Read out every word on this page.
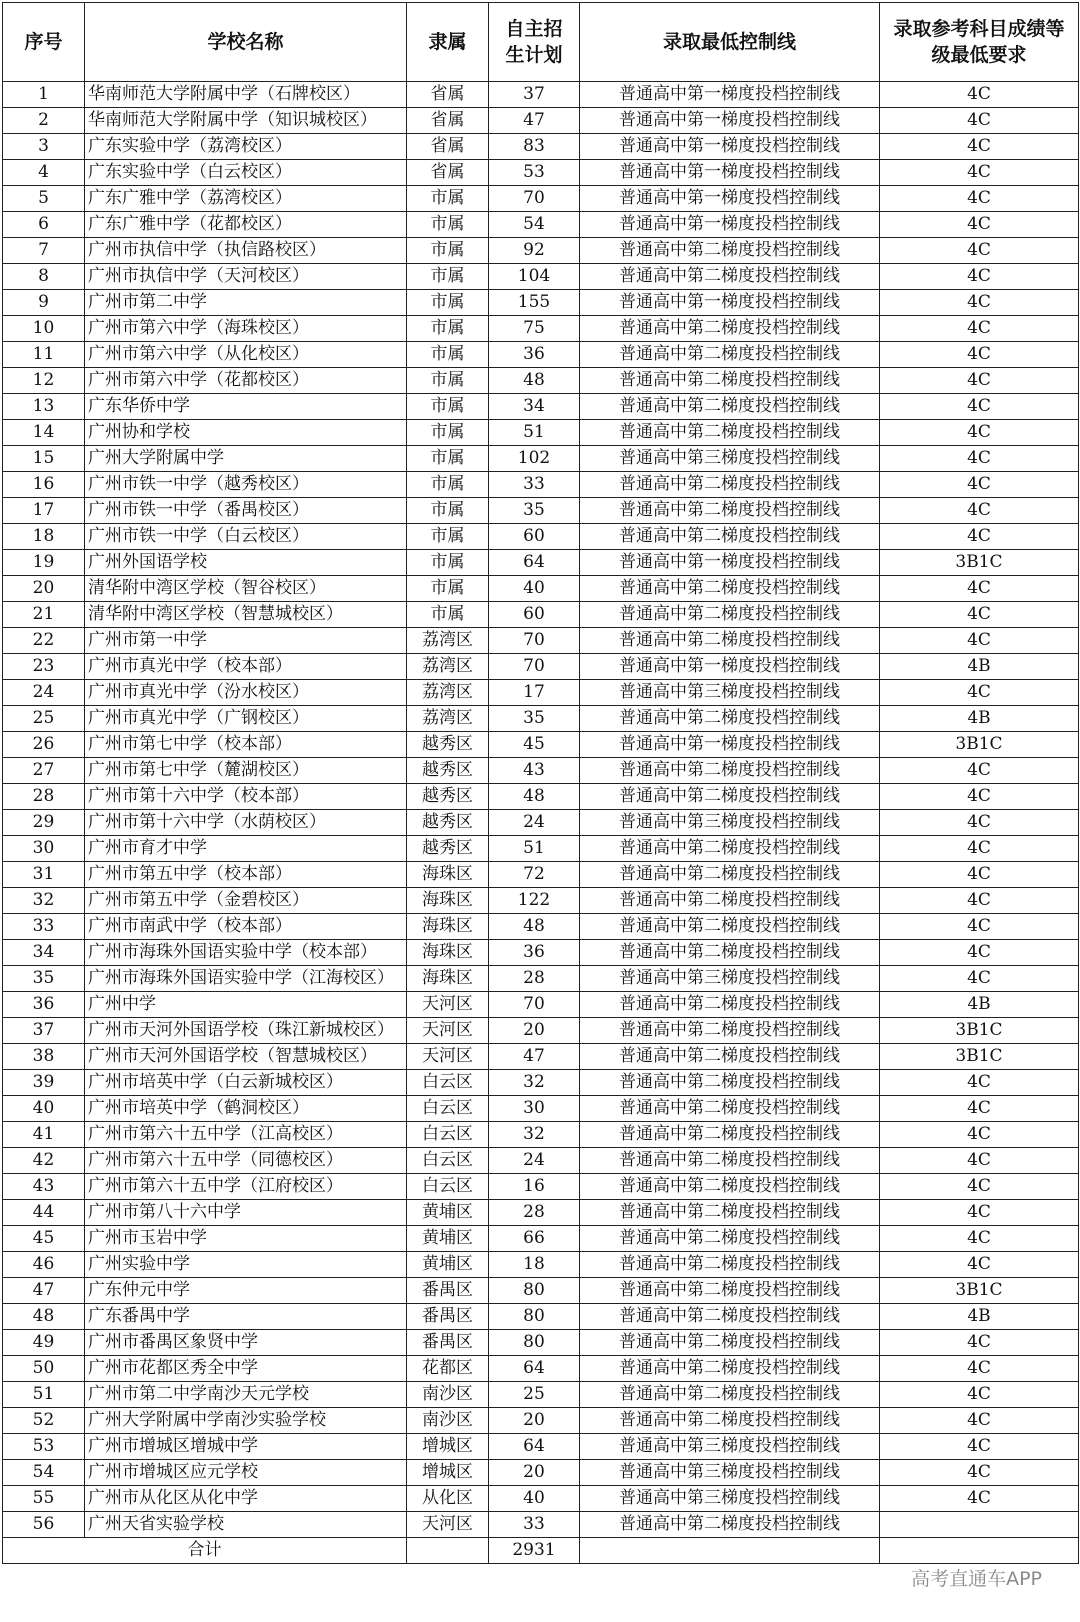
序号	学校名称	隶属	自主招生计划	录取最低控制线	录取参考科目成绩等级最低要求
1	华南师范大学附属中学（石牌校区）	省属	37	普通高中第一梯度投档控制线	4C
2	华南师范大学附属中学（知识城校区）	省属	47	普通高中第一梯度投档控制线	4C
3	广东实验中学（荔湾校区）	省属	83	普通高中第一梯度投档控制线	4C
4	广东实验中学（白云校区）	省属	53	普通高中第一梯度投档控制线	4C
5	广东广雅中学（荔湾校区）	市属	70	普通高中第一梯度投档控制线	4C
6	广东广雅中学（花都校区）	市属	54	普通高中第一梯度投档控制线	4C
7	广州市执信中学（执信路校区）	市属	92	普通高中第二梯度投档控制线	4C
8	广州市执信中学（天河校区）	市属	104	普通高中第二梯度投档控制线	4C
9	广州市第二中学	市属	155	普通高中第一梯度投档控制线	4C
10	广州市第六中学（海珠校区）	市属	75	普通高中第二梯度投档控制线	4C
11	广州市第六中学（从化校区）	市属	36	普通高中第二梯度投档控制线	4C
12	广州市第六中学（花都校区）	市属	48	普通高中第二梯度投档控制线	4C
13	广东华侨中学	市属	34	普通高中第二梯度投档控制线	4C
14	广州协和学校	市属	51	普通高中第二梯度投档控制线	4C
15	广州大学附属中学	市属	102	普通高中第三梯度投档控制线	4C
16	广州市铁一中学（越秀校区）	市属	33	普通高中第二梯度投档控制线	4C
17	广州市铁一中学（番禺校区）	市属	35	普通高中第二梯度投档控制线	4C
18	广州市铁一中学（白云校区）	市属	60	普通高中第二梯度投档控制线	4C
19	广州外国语学校	市属	64	普通高中第一梯度投档控制线	3B1C
20	清华附中湾区学校（智谷校区）	市属	40	普通高中第二梯度投档控制线	4C
21	清华附中湾区学校（智慧城校区）	市属	60	普通高中第二梯度投档控制线	4C
22	广州市第一中学	荔湾区	70	普通高中第二梯度投档控制线	4C
23	广州市真光中学（校本部）	荔湾区	70	普通高中第一梯度投档控制线	4B
24	广州市真光中学（汾水校区）	荔湾区	17	普通高中第三梯度投档控制线	4C
25	广州市真光中学（广钢校区）	荔湾区	35	普通高中第二梯度投档控制线	4B
26	广州市第七中学（校本部）	越秀区	45	普通高中第一梯度投档控制线	3B1C
27	广州市第七中学（麓湖校区）	越秀区	43	普通高中第二梯度投档控制线	4C
28	广州市第十六中学（校本部）	越秀区	48	普通高中第二梯度投档控制线	4C
29	广州市第十六中学（水荫校区）	越秀区	24	普通高中第三梯度投档控制线	4C
30	广州市育才中学	越秀区	51	普通高中第二梯度投档控制线	4C
31	广州市第五中学（校本部）	海珠区	72	普通高中第二梯度投档控制线	4C
32	广州市第五中学（金碧校区）	海珠区	122	普通高中第二梯度投档控制线	4C
33	广州市南武中学（校本部）	海珠区	48	普通高中第二梯度投档控制线	4C
34	广州市海珠外国语实验中学（校本部）	海珠区	36	普通高中第二梯度投档控制线	4C
35	广州市海珠外国语实验中学（江海校区）	海珠区	28	普通高中第三梯度投档控制线	4C
36	广州中学	天河区	70	普通高中第二梯度投档控制线	4B
37	广州市天河外国语学校（珠江新城校区）	天河区	20	普通高中第二梯度投档控制线	3B1C
38	广州市天河外国语学校（智慧城校区）	天河区	47	普通高中第二梯度投档控制线	3B1C
39	广州市培英中学（白云新城校区）	白云区	32	普通高中第二梯度投档控制线	4C
40	广州市培英中学（鹤洞校区）	白云区	30	普通高中第二梯度投档控制线	4C
41	广州市第六十五中学（江高校区）	白云区	32	普通高中第二梯度投档控制线	4C
42	广州市第六十五中学（同德校区）	白云区	24	普通高中第二梯度投档控制线	4C
43	广州市第六十五中学（江府校区）	白云区	16	普通高中第二梯度投档控制线	4C
44	广州市第八十六中学	黄埔区	28	普通高中第二梯度投档控制线	4C
45	广州市玉岩中学	黄埔区	66	普通高中第二梯度投档控制线	4C
46	广州实验中学	黄埔区	18	普通高中第二梯度投档控制线	4C
47	广东仲元中学	番禺区	80	普通高中第二梯度投档控制线	3B1C
48	广东番禺中学	番禺区	80	普通高中第二梯度投档控制线	4B
49	广州市番禺区象贤中学	番禺区	80	普通高中第二梯度投档控制线	4C
50	广州市花都区秀全中学	花都区	64	普通高中第二梯度投档控制线	4C
51	广州市第二中学南沙天元学校	南沙区	25	普通高中第二梯度投档控制线	4C
52	广州大学附属中学南沙实验学校	南沙区	20	普通高中第二梯度投档控制线	4C
53	广州市增城区增城中学	增城区	64	普通高中第三梯度投档控制线	4C
54	广州市增城区应元学校	增城区	20	普通高中第三梯度投档控制线	4C
55	广州市从化区从化中学	从化区	40	普通高中第三梯度投档控制线	4C
56	广州天省实验学校	天河区	33	普通高中第二梯度投档控制线	
合计			2931		
高考直通车APP
